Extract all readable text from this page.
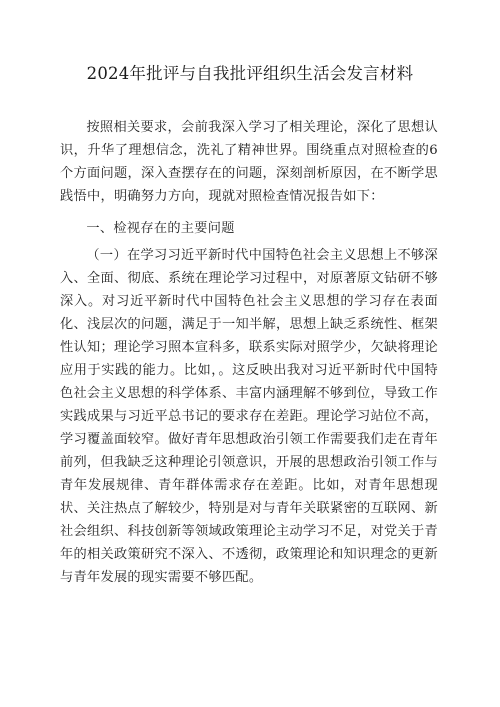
2024年批评与自我批评组织生活会发言材料

按照相关要求，会前我深入学习了相关理论，深化了思想认识，升华了理想信念，洗礼了精神世界。围绕重点对照检查的6个方面问题，深入查摆存在的问题，深刻剖析原因，在不断学思践悟中，明确努力方向，现就对照检查情况报告如下：

一、检视存在的主要问题

（一）在学习习近平新时代中国特色社会主义思想上不够深入、全面、彻底、系统在理论学习过程中，对原著原文钻研不够深入。对习近平新时代中国特色社会主义思想的学习存在表面化、浅层次的问题，满足于一知半解，思想上缺乏系统性、框架性认知；理论学习照本宣科多，联系实际对照学少，欠缺将理论应用于实践的能力。比如，。这反映出我对习近平新时代中国特色社会主义思想的科学体系、丰富内涵理解不够到位，导致工作实践成果与习近平总书记的要求存在差距。理论学习站位不高，学习覆盖面较窄。做好青年思想政治引领工作需要我们走在青年前列，但我缺乏这种理论引领意识，开展的思想政治引领工作与青年发展规律、青年群体需求存在差距。比如，对青年思想现状、关注热点了解较少，特别是对与青年关联紧密的互联网、新社会组织、科技创新等领域政策理论主动学习不足，对党关于青年的相关政策研究不深入、不透彻，政策理论和知识理念的更新与青年发展的现实需要不够匹配。
